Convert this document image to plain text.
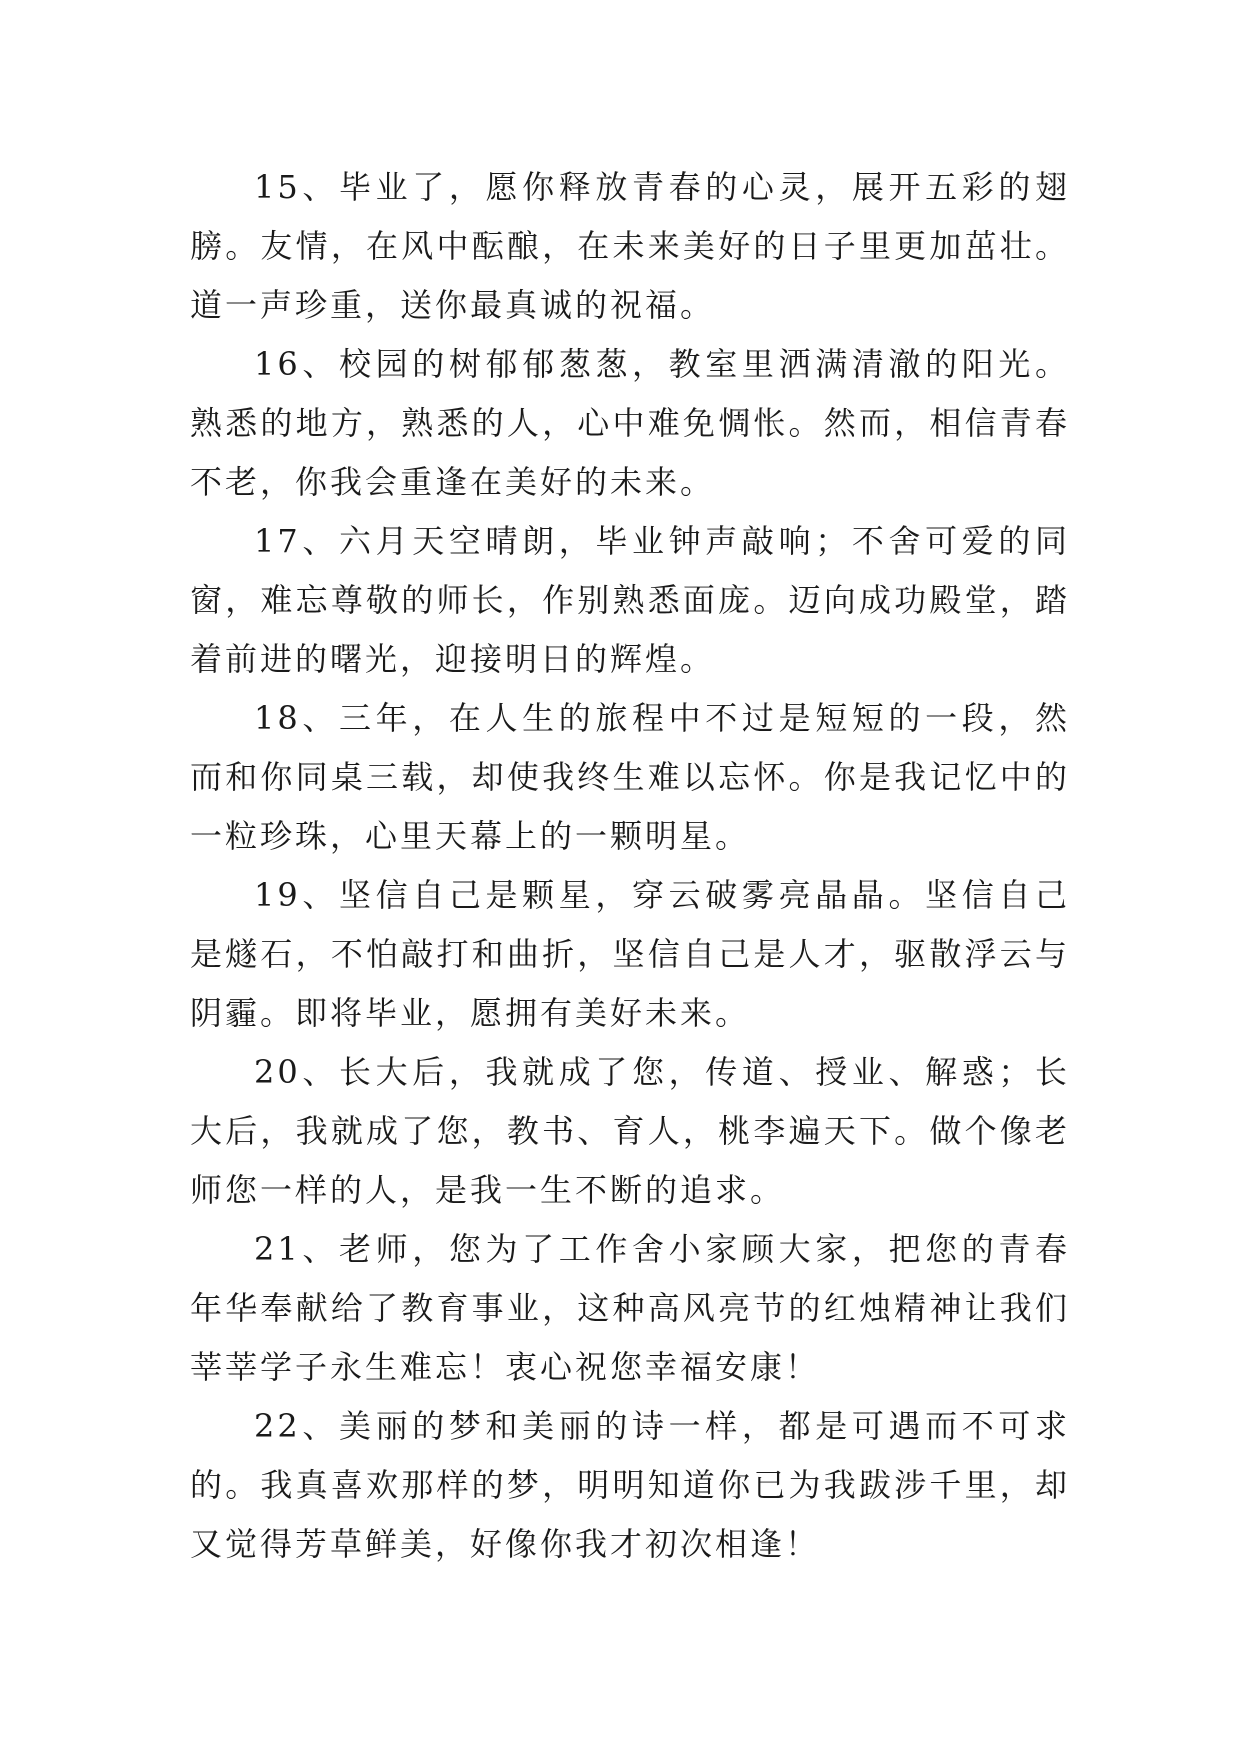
15、毕业了，愿你释放青春的心灵，展开五彩的翅膀。友情，在风中酝酿，在未来美好的日子里更加茁壮。道一声珍重，送你最真诚的祝福。

16、校园的树郁郁葱葱，教室里洒满清澈的阳光。熟悉的地方，熟悉的人，心中难免惆怅。然而，相信青春不老，你我会重逢在美好的未来。

17、六月天空晴朗，毕业钟声敲响；不舍可爱的同窗，难忘尊敬的师长，作别熟悉面庞。迈向成功殿堂，踏着前进的曙光，迎接明日的辉煌。

18、三年，在人生的旅程中不过是短短的一段，然而和你同桌三载，却使我终生难以忘怀。你是我记忆中的一粒珍珠，心里天幕上的一颗明星。

19、坚信自己是颗星，穿云破雾亮晶晶。坚信自己是燧石，不怕敲打和曲折，坚信自己是人才，驱散浮云与阴霾。即将毕业，愿拥有美好未来。

20、长大后，我就成了您，传道、授业、解惑；长大后，我就成了您，教书、育人，桃李遍天下。做个像老师您一样的人，是我一生不断的追求。

21、老师，您为了工作舍小家顾大家，把您的青春年华奉献给了教育事业，这种高风亮节的红烛精神让我们莘莘学子永生难忘！衷心祝您幸福安康！

22、美丽的梦和美丽的诗一样，都是可遇而不可求的。我真喜欢那样的梦，明明知道你已为我跋涉千里，却又觉得芳草鲜美，好像你我才初次相逢！
